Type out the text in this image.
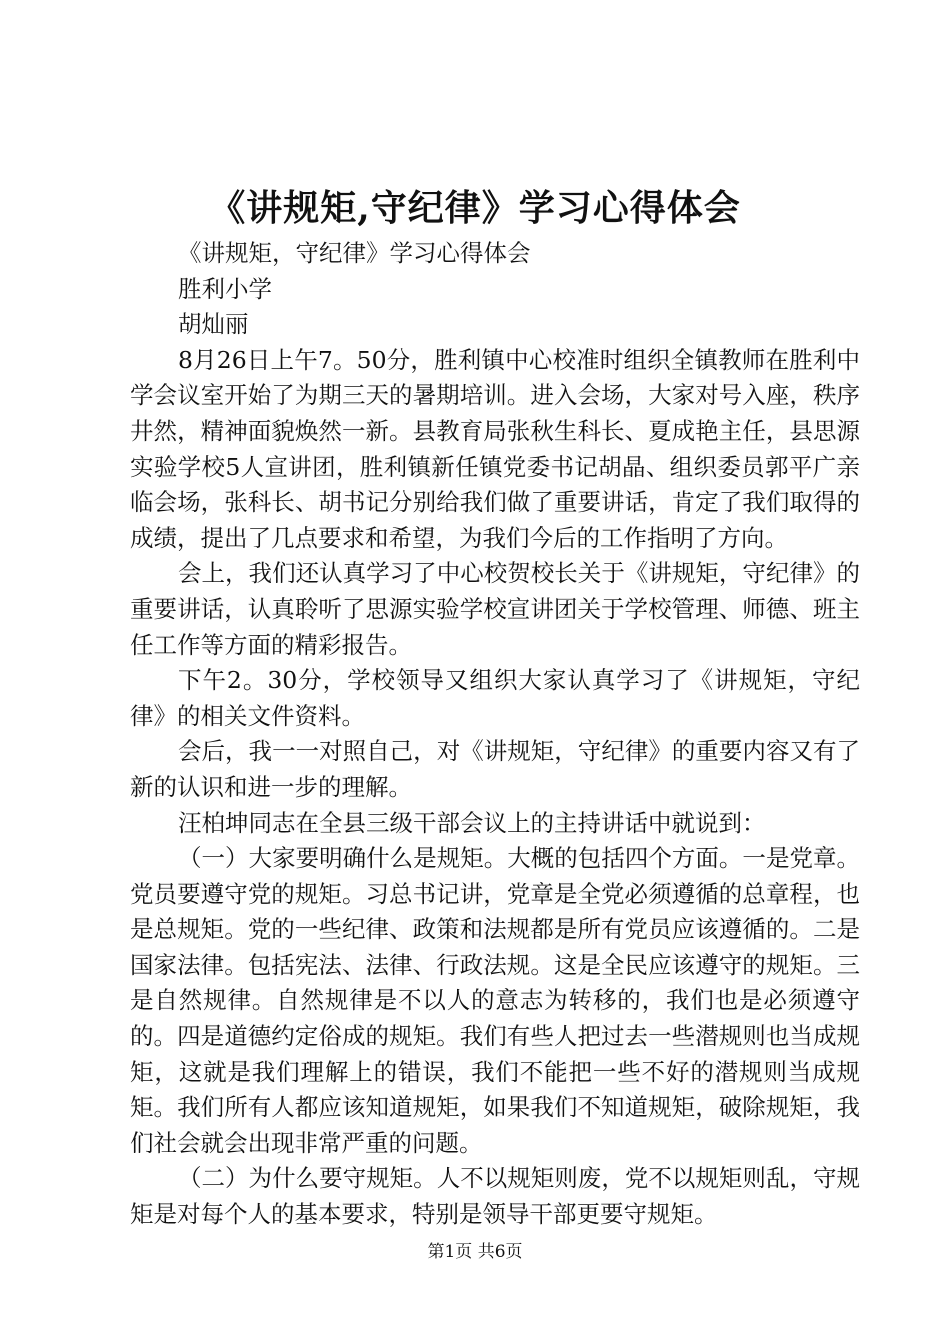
《讲规矩,守纪律》学习心得体会

《讲规矩，守纪律》学习心得体会

胜利小学

胡灿丽

8月26日上午7。50分，胜利镇中心校准时组织全镇教师在胜利中学会议室开始了为期三天的暑期培训。进入会场，大家对号入座，秩序井然，精神面貌焕然一新。县教育局张秋生科长、夏成艳主任，县思源实验学校5人宣讲团，胜利镇新任镇党委书记胡晶、组织委员郭平广亲临会场，张科长、胡书记分别给我们做了重要讲话，肯定了我们取得的成绩，提出了几点要求和希望，为我们今后的工作指明了方向。

会上，我们还认真学习了中心校贺校长关于《讲规矩，守纪律》的重要讲话，认真聆听了思源实验学校宣讲团关于学校管理、师德、班主任工作等方面的精彩报告。

下午2。30分，学校领导又组织大家认真学习了《讲规矩，守纪律》的相关文件资料。

会后，我一一对照自己，对《讲规矩，守纪律》的重要内容又有了新的认识和进一步的理解。

汪柏坤同志在全县三级干部会议上的主持讲话中就说到：

（一）大家要明确什么是规矩。大概的包括四个方面。一是党章。党员要遵守党的规矩。习总书记讲，党章是全党必须遵循的总章程，也是总规矩。党的一些纪律、政策和法规都是所有党员应该遵循的。二是国家法律。包括宪法、法律、行政法规。这是全民应该遵守的规矩。三是自然规律。自然规律是不以人的意志为转移的，我们也是必须遵守的。四是道德约定俗成的规矩。我们有些人把过去一些潜规则也当成规矩，这就是我们理解上的错误，我们不能把一些不好的潜规则当成规矩。我们所有人都应该知道规矩，如果我们不知道规矩，破除规矩，我们社会就会出现非常严重的问题。

（二）为什么要守规矩。人不以规矩则废，党不以规矩则乱，守规矩是对每个人的基本要求，特别是领导干部更要守规矩。

第1页 共6页
